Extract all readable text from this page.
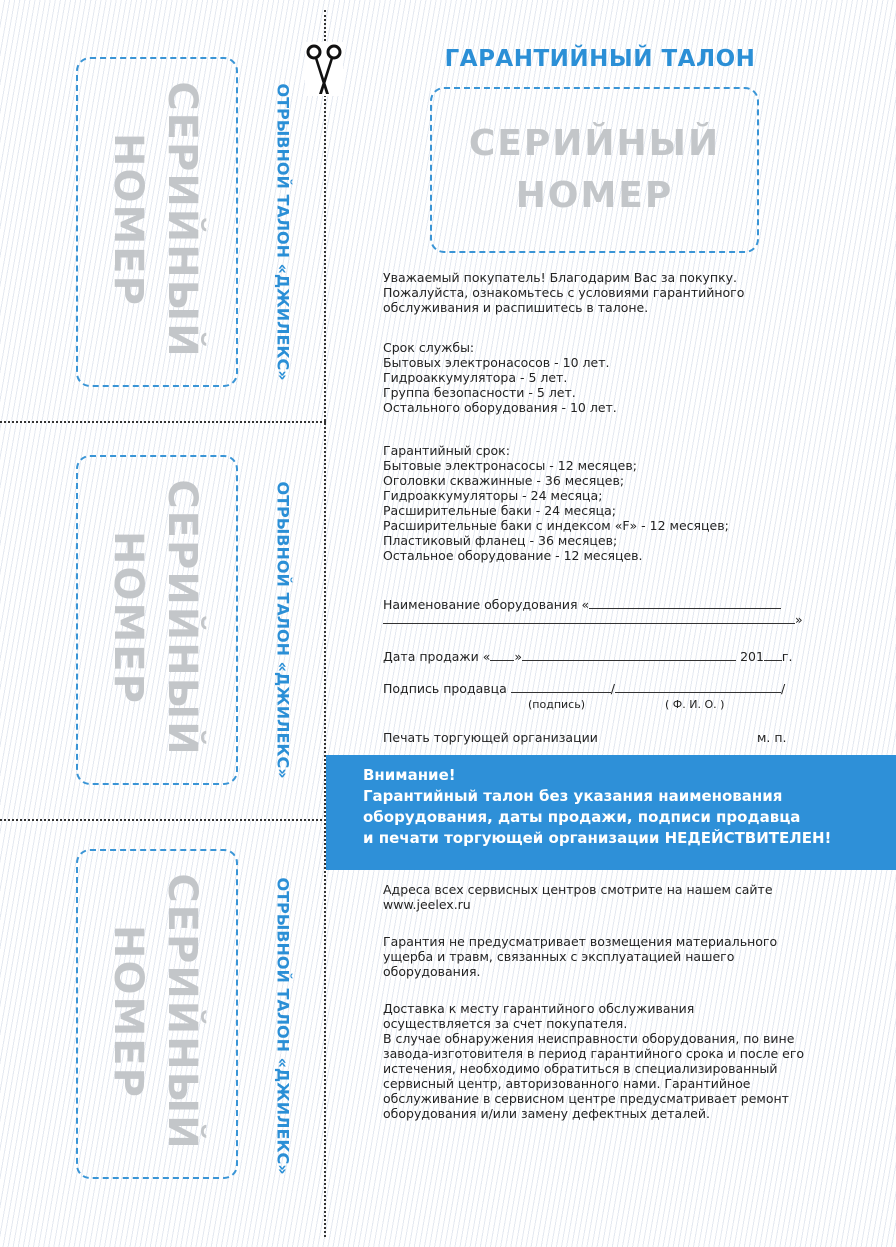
СЕРИЙНЫЙ
НОМЕР	ОТРЫВНОЙ ТАЛОН «ДЖИЛЕКС»
СЕРИЙНЫЙ
НОМЕР	ОТРЫВНОЙ ТАЛОН «ДЖИЛЕКС»
СЕРИЙНЫЙ
НОМЕР	ОТРЫВНОЙ ТАЛОН «ДЖИЛЕКС»
ГАРАНТИЙНЫЙ ТАЛОН
СЕРИЙНЫЙ
НОМЕР
Уважаемый покупатель! Благодарим Вас за покупку.
Пожалуйста, ознакомьтесь с условиями гарантийного
обслуживания и распишитесь в талоне.
Срок службы:
Бытовых электронасосов - 10 лет.
Гидроаккумулятора - 5 лет.
Группа безопасности - 5 лет.
Остального оборудования - 10 лет.
Гарантийный срок:
Бытовые электронасосы - 12 месяцев;
Оголовки скважинные - 36 месяцев;
Гидроаккумуляторы - 24 месяца;
Расширительные баки - 24 месяца;
Расширительные баки с индексом «F» - 12 месяцев;
Пластиковый фланец - 36 месяцев;
Остальное оборудование - 12 месяцев.
Наименование оборудования «
»
Дата продажи « »	201 г.
Подпись продавца	/	/
(подпись)	( Ф. И. О. )
Печать торгующей организации	м. п.
Внимание!
Гарантийный талон без указания наименования
оборудования, даты продажи, подписи продавца
и печати торгующей организации НЕДЕЙСТВИТЕЛЕН!
Адреса всех сервисных центров смотрите на нашем сайте
www.jeelex.ru
Гарантия не предусматривает возмещения материального
ущерба и травм, связанных с эксплуатацией нашего
оборудования.
Доставка к месту гарантийного обслуживания
осуществляется за счет покупателя.
В случае обнаружения неисправности оборудования, по вине
завода-изготовителя в период гарантийного срока и после его
истечения, необходимо обратиться в специализированный
сервисный центр, авторизованного нами. Гарантийное
обслуживание в сервисном центре предусматривает ремонт
оборудования и/или замену дефектных деталей.
